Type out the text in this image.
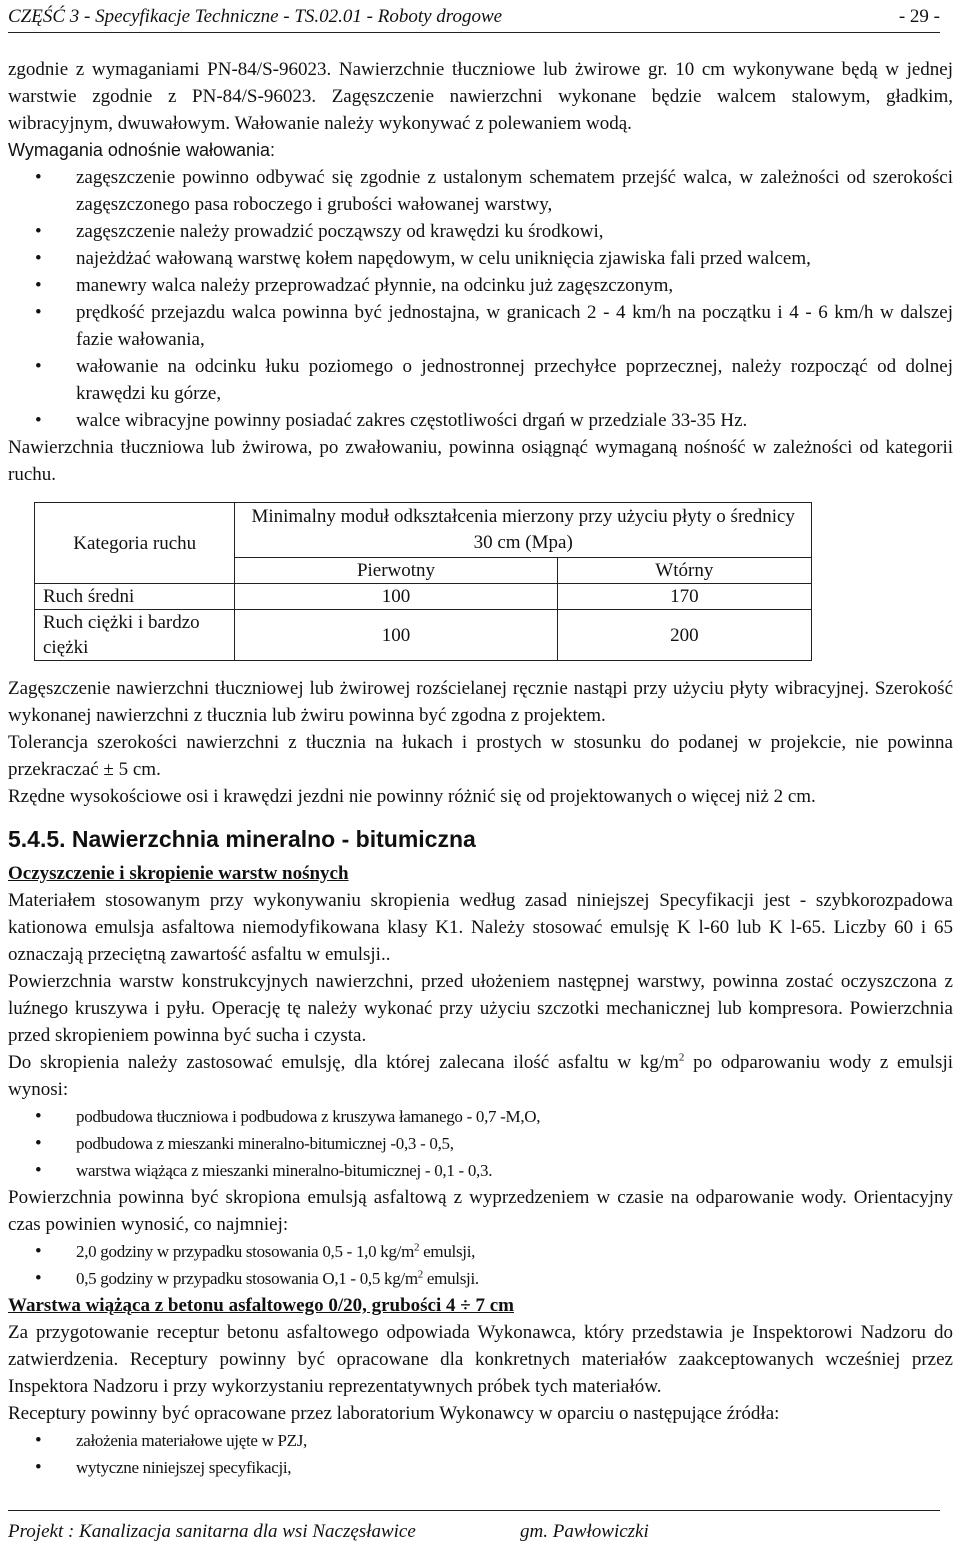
CZĘŚĆ 3 - Specyfikacje Techniczne - TS.02.01 - Roboty drogowe	- 29 -

zgodnie z wymaganiami PN-84/S-96023. Nawierzchnie tłuczniowe lub żwirowe gr. 10 cm wykonywane będą w jednej warstwie zgodnie z PN-84/S-96023. Zagęszczenie nawierzchni wykonane będzie walcem stalowym, gładkim, wibracyjnym, dwuwałowym. Wałowanie należy wykonywać z polewaniem wodą.

Wymagania odnośnie wałowania:

• zagęszczenie powinno odbywać się zgodnie z ustalonym schematem przejść walca, w zależności od szerokości zagęszczonego pasa roboczego i grubości wałowanej warstwy,
• zagęszczenie należy prowadzić począwszy od krawędzi ku środkowi,
• najeżdżać wałowaną warstwę kołem napędowym, w celu uniknięcia zjawiska fali przed walcem,
• manewry walca należy przeprowadzać płynnie, na odcinku już zagęszczonym,
• prędkość przejazdu walca powinna być jednostajna, w granicach 2 - 4 km/h na początku i 4 - 6 km/h w dalszej fazie wałowania,
• wałowanie na odcinku łuku poziomego o jednostronnej przechyłce poprzecznej, należy rozpocząć od dolnej krawędzi ku górze,
• walce wibracyjne powinny posiadać zakres częstotliwości drgań w przedziale 33-35 Hz.

Nawierzchnia tłuczniowa lub żwirowa, po zwałowaniu, powinna osiągnąć wymaganą nośność w zależności od kategorii ruchu.

Kategoria ruchu	Minimalny moduł odkształcenia mierzony przy użyciu płyty o średnicy 30 cm (Mpa)	
	Pierwotny	Wtórny
Ruch średni	100	170
Ruch ciężki i bardzo ciężki	100	200

Zagęszczenie nawierzchni tłuczniowej lub żwirowej rozścielanej ręcznie nastąpi przy użyciu płyty wibracyjnej. Szerokość wykonanej nawierzchni z tłucznia lub żwiru powinna być zgodna z projektem.

Tolerancja szerokości nawierzchni z tłucznia na łukach i prostych w stosunku do podanej w projekcie, nie powinna przekraczać ± 5 cm.

Rzędne wysokościowe osi i krawędzi jezdni nie powinny różnić się od projektowanych o więcej niż 2 cm.

5.4.5. Nawierzchnia mineralno - bitumiczna
Oczyszczenie i skropienie warstw nośnych

Materiałem stosowanym przy wykonywaniu skropienia według zasad niniejszej Specyfikacji jest - szybkorozpadowa kationowa emulsja asfaltowa niemodyfikowana klasy K1. Należy stosować emulsję K l-60 lub K l-65. Liczby 60 i 65 oznaczają przeciętną zawartość asfaltu w emulsji..

Powierzchnia warstw konstrukcyjnych nawierzchni, przed ułożeniem następnej warstwy, powinna zostać oczyszczona z luźnego kruszywa i pyłu. Operację tę należy wykonać przy użyciu szczotki mechanicznej lub kompresora. Powierzchnia przed skropieniem powinna być sucha i czysta.

Do skropienia należy zastosować emulsję, dla której zalecana ilość asfaltu w $kg/m^2$ po odparowaniu wody z emulsji wynosi:

• podbudowa tłuczniowa i podbudowa z kruszywa łamanego - 0,7 -M,O,
• podbudowa z mieszanki mineralno-bitumicznej -0,3 - 0,5,
• warstwa wiążąca z mieszanki mineralno-bitumicznej - 0,1 - 0,3.

Powierzchnia powinna być skropiona emulsją asfaltową z wyprzedzeniem w czasie na odparowanie wody. Orientacyjny czas powinien wynosić, co najmniej:

• 2,0 godziny w przypadku stosowania 0,5 - 1,0 $kg/m^2$ emulsji,
• 0,5 godziny w przypadku stosowania O,1 - 0,5 $kg/m^2$ emulsji.
Warstwa wiążąca z betonu asfaltowego 0/20, grubości 4 ÷ 7 cm

Za przygotowanie receptur betonu asfaltowego odpowiada Wykonawca, który przedstawia je Inspektorowi Nadzoru do zatwierdzenia. Receptury powinny być opracowane dla konkretnych materiałów zaakceptowanych wcześniej przez Inspektora Nadzoru i przy wykorzystaniu reprezentatywnych próbek tych materiałów.

Receptury powinny być opracowane przez laboratorium Wykonawcy w oparciu o następujące źródła:

• założenia materiałowe ujęte w PZJ,
• wytyczne niniejszej specyfikacji,
Projekt : Kanalizacja sanitarna dla wsi Naczęsławice	gm. Pawłowiczki
